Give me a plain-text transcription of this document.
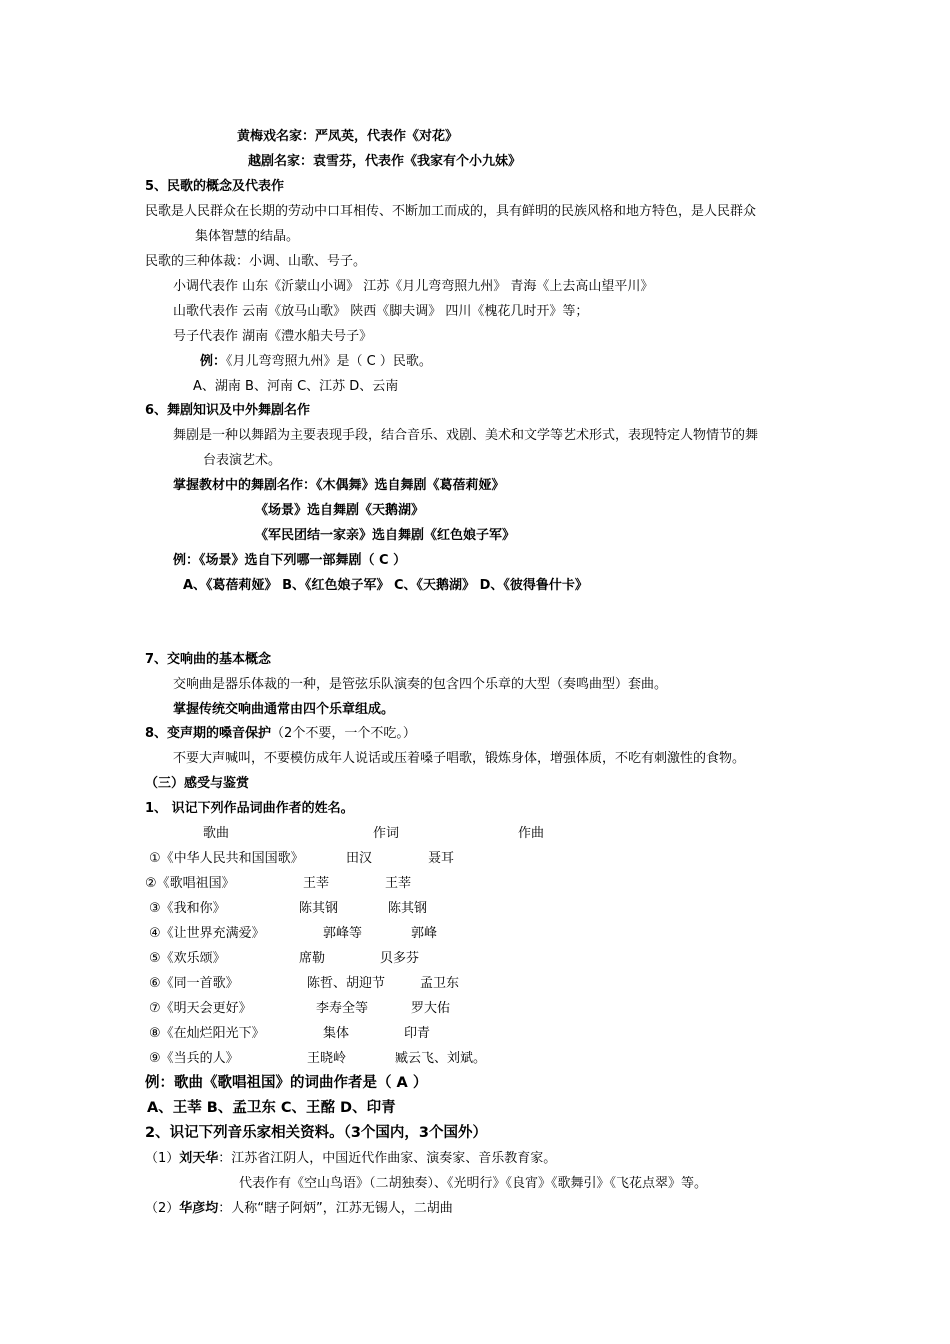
黄梅戏名家：严凤英，代表作《对花》
越剧名家：袁雪芬，代表作《我家有个小九妹》
5、民歌的概念及代表作
民歌是人民群众在长期的劳动中口耳相传、不断加工而成的，具有鲜明的民族风格和地方特色，是人民群众
集体智慧的结晶。
民歌的三种体裁：小调、山歌、号子。
小调代表作 山东《沂蒙山小调》 江苏《月儿弯弯照九州》 青海《上去高山望平川》
山歌代表作 云南《放马山歌》 陕西《脚夫调》 四川《槐花几时开》等；
号子代表作 湖南《澧水船夫号子》
例：《月儿弯弯照九州》是（ C ）民歌。
A、湖南 B、河南 C、江苏 D、云南
6、舞剧知识及中外舞剧名作
舞剧是一种以舞蹈为主要表现手段，结合音乐、戏剧、美术和文学等艺术形式，表现特定人物情节的舞
台表演艺术。
掌握教材中的舞剧名作：《木偶舞》选自舞剧《葛蓓莉娅》
《场景》选自舞剧《天鹅湖》
《军民团结一家亲》选自舞剧《红色娘子军》
例：《场景》选自下列哪一部舞剧（ C ）
A、《葛蓓莉娅》 B、《红色娘子军》 C、《天鹅湖》 D、《彼得鲁什卡》
7、交响曲的基本概念
交响曲是器乐体裁的一种，是管弦乐队演奏的包含四个乐章的大型（奏鸣曲型）套曲。
掌握传统交响曲通常由四个乐章组成。
8、变声期的嗓音保护（2个不要，一个不吃。）
不要大声喊叫，不要模仿成年人说话或压着嗓子唱歌，锻炼身体，增强体质，不吃有刺激性的食物。
（三）感受与鉴赏
1、 识记下列作品词曲作者的姓名。
歌曲	作词	作曲
①《中华人民共和国国歌》	田汉	聂耳
②《歌唱祖国》	王莘	王莘
③《我和你》	陈其钢	陈其钢
④《让世界充满爱》	郭峰等	郭峰
⑤《欢乐颂》	席勒	贝多芬
⑥《同一首歌》	陈哲、胡迎节	孟卫东
⑦《明天会更好》	李寿全等	罗大佑
⑧《在灿烂阳光下》	集体	印青
⑨《当兵的人》	王晓岭	臧云飞、刘斌。
例：歌曲《歌唱祖国》的词曲作者是（ A ）
A、王莘 B、孟卫东 C、王酩 D、印青
2、识记下列音乐家相关资料。（3个国内，3个国外）
（1）刘天华：江苏省江阴人，中国近代作曲家、演奏家、音乐教育家。
代表作有《空山鸟语》（二胡独奏）、《光明行》《良宵》《歌舞引》《飞花点翠》等。
（2）华彦均：人称“瞎子阿炳”，江苏无锡人，二胡曲
